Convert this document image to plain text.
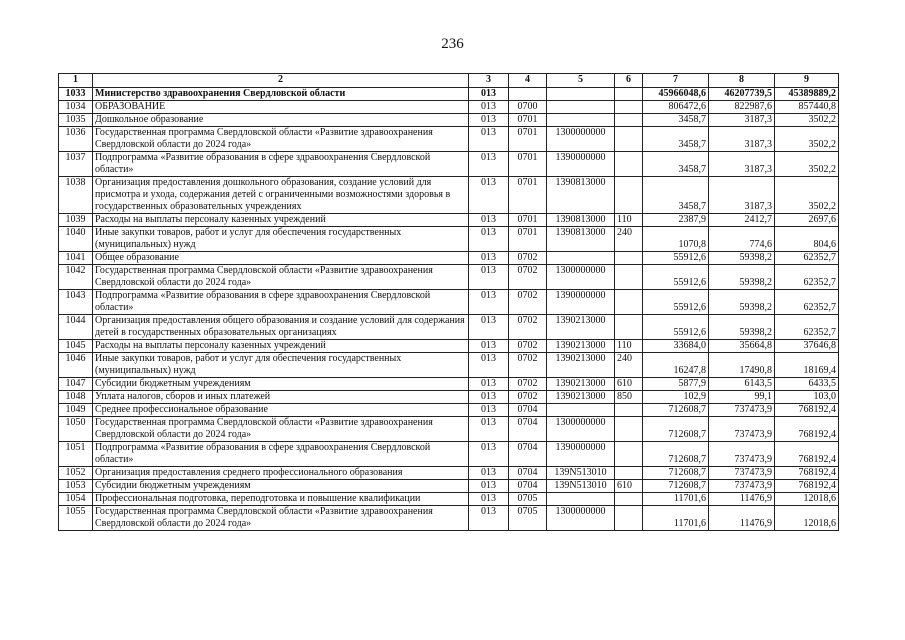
236
1	2	3	4	5	6	7	8	9
1033	Министерство здравоохранения Свердловской области	013				45966048,6	46207739,5	45389889,2
1034	ОБРАЗОВАНИЕ	013	0700			806472,6	822987,6	857440,8
1035	Дошкольное образование	013	0701			3458,7	3187,3	3502,2
1036	Государственная программа Свердловской области «Развитие здравоохранения Свердловской области до 2024 года»	013	0701	1300000000		3458,7	3187,3	3502,2
1037	Подпрограмма «Развитие образования в сфере здравоохранения Свердловской области»	013	0701	1390000000		3458,7	3187,3	3502,2
1038	Организация предоставления дошкольного образования, создание условий для присмотра и ухода, содержания детей с ограниченными возможностями здоровья в государственных образовательных учреждениях	013	0701	1390813000		3458,7	3187,3	3502,2
1039	Расходы на выплаты персоналу казенных учреждений	013	0701	1390813000	110	2387,9	2412,7	2697,6
1040	Иные закупки товаров, работ и услуг для обеспечения государственных (муниципальных) нужд	013	0701	1390813000	240	1070,8	774,6	804,6
1041	Общее образование	013	0702			55912,6	59398,2	62352,7
1042	Государственная программа Свердловской области «Развитие здравоохранения Свердловской области до 2024 года»	013	0702	1300000000		55912,6	59398,2	62352,7
1043	Подпрограмма «Развитие образования в сфере здравоохранения Свердловской области»	013	0702	1390000000		55912,6	59398,2	62352,7
1044	Организация предоставления общего образования и создание условий для содержания детей в государственных образовательных организациях	013	0702	1390213000		55912,6	59398,2	62352,7
1045	Расходы на выплаты персоналу казенных учреждений	013	0702	1390213000	110	33684,0	35664,8	37646,8
1046	Иные закупки товаров, работ и услуг для обеспечения государственных (муниципальных) нужд	013	0702	1390213000	240	16247,8	17490,8	18169,4
1047	Субсидии бюджетным учреждениям	013	0702	1390213000	610	5877,9	6143,5	6433,5
1048	Уплата налогов, сборов и иных платежей	013	0702	1390213000	850	102,9	99,1	103,0
1049	Среднее профессиональное образование	013	0704			712608,7	737473,9	768192,4
1050	Государственная программа Свердловской области «Развитие здравоохранения Свердловской области до 2024 года»	013	0704	1300000000		712608,7	737473,9	768192,4
1051	Подпрограмма «Развитие образования в сфере здравоохранения Свердловской области»	013	0704	1390000000		712608,7	737473,9	768192,4
1052	Организация предоставления среднего профессионального образования	013	0704	139N513010		712608,7	737473,9	768192,4
1053	Субсидии бюджетным учреждениям	013	0704	139N513010	610	712608,7	737473,9	768192,4
1054	Профессиональная подготовка, переподготовка и повышение квалификации	013	0705			11701,6	11476,9	12018,6
1055	Государственная программа Свердловской области «Развитие здравоохранения Свердловской области до 2024 года»	013	0705	1300000000		11701,6	11476,9	12018,6
